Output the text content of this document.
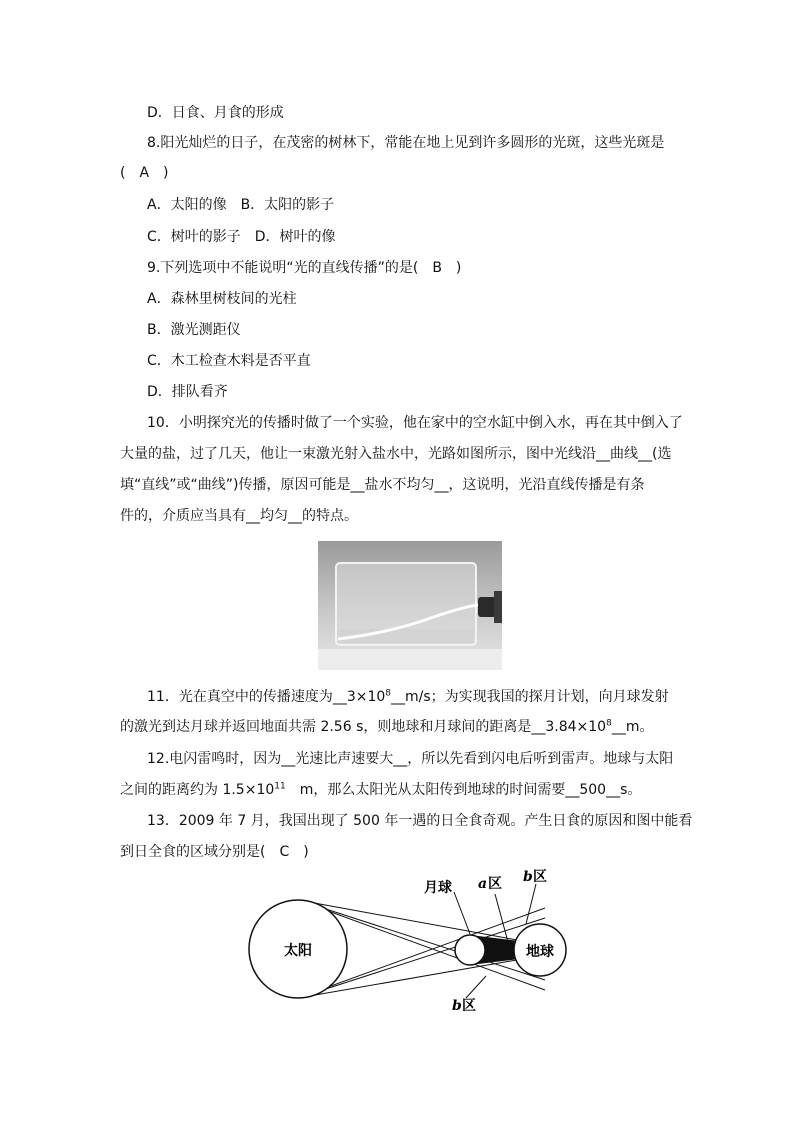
D．日食、月食的形成
8.阳光灿烂的日子，在茂密的树林下，常能在地上见到许多圆形的光斑，这些光斑是
(　A　)
A．太阳的像　B．太阳的影子
C．树叶的影子　D．树叶的像
9.下列选项中不能说明“光的直线传播”的是(　B　)
A．森林里树枝间的光柱
B．激光测距仪
C．木工检查木料是否平直
D．排队看齐
10．小明探究光的传播时做了一个实验，他在家中的空水缸中倒入水，再在其中倒入了
大量的盐，过了几天，他让一束激光射入盐水中，光路如图所示，图中光线沿__曲线__(选
填“直线”或“曲线”)传播，原因可能是__盐水不均匀__，这说明，光沿直线传播是有条
件的，介质应当具有__均匀__的特点。
11．光在真空中的传播速度为$\_\_3\times 10^8\_\_m/s$；为实现我国的探月计划，向月球发射
的激光到达月球并返回地面共需 2.56 s，则地球和月球间的距离是$\_\_3.84\times 10^8\_\_m$。
12.电闪雷鸣时，因为__光速比声速要大__，所以先看到闪电后听到雷声。地球与太阳
之间的距离约为 $1.5\times 10^{11}$　m，那么太阳光从太阳传到地球的时间需要__500__s。
13．2009 年 7 月，我国出现了 500 年一遇的日全食奇观。产生日食的原因和图中能看
到日全食的区域分别是(　C　)
太阳	地球
月球 a 区 b 区
b 区
